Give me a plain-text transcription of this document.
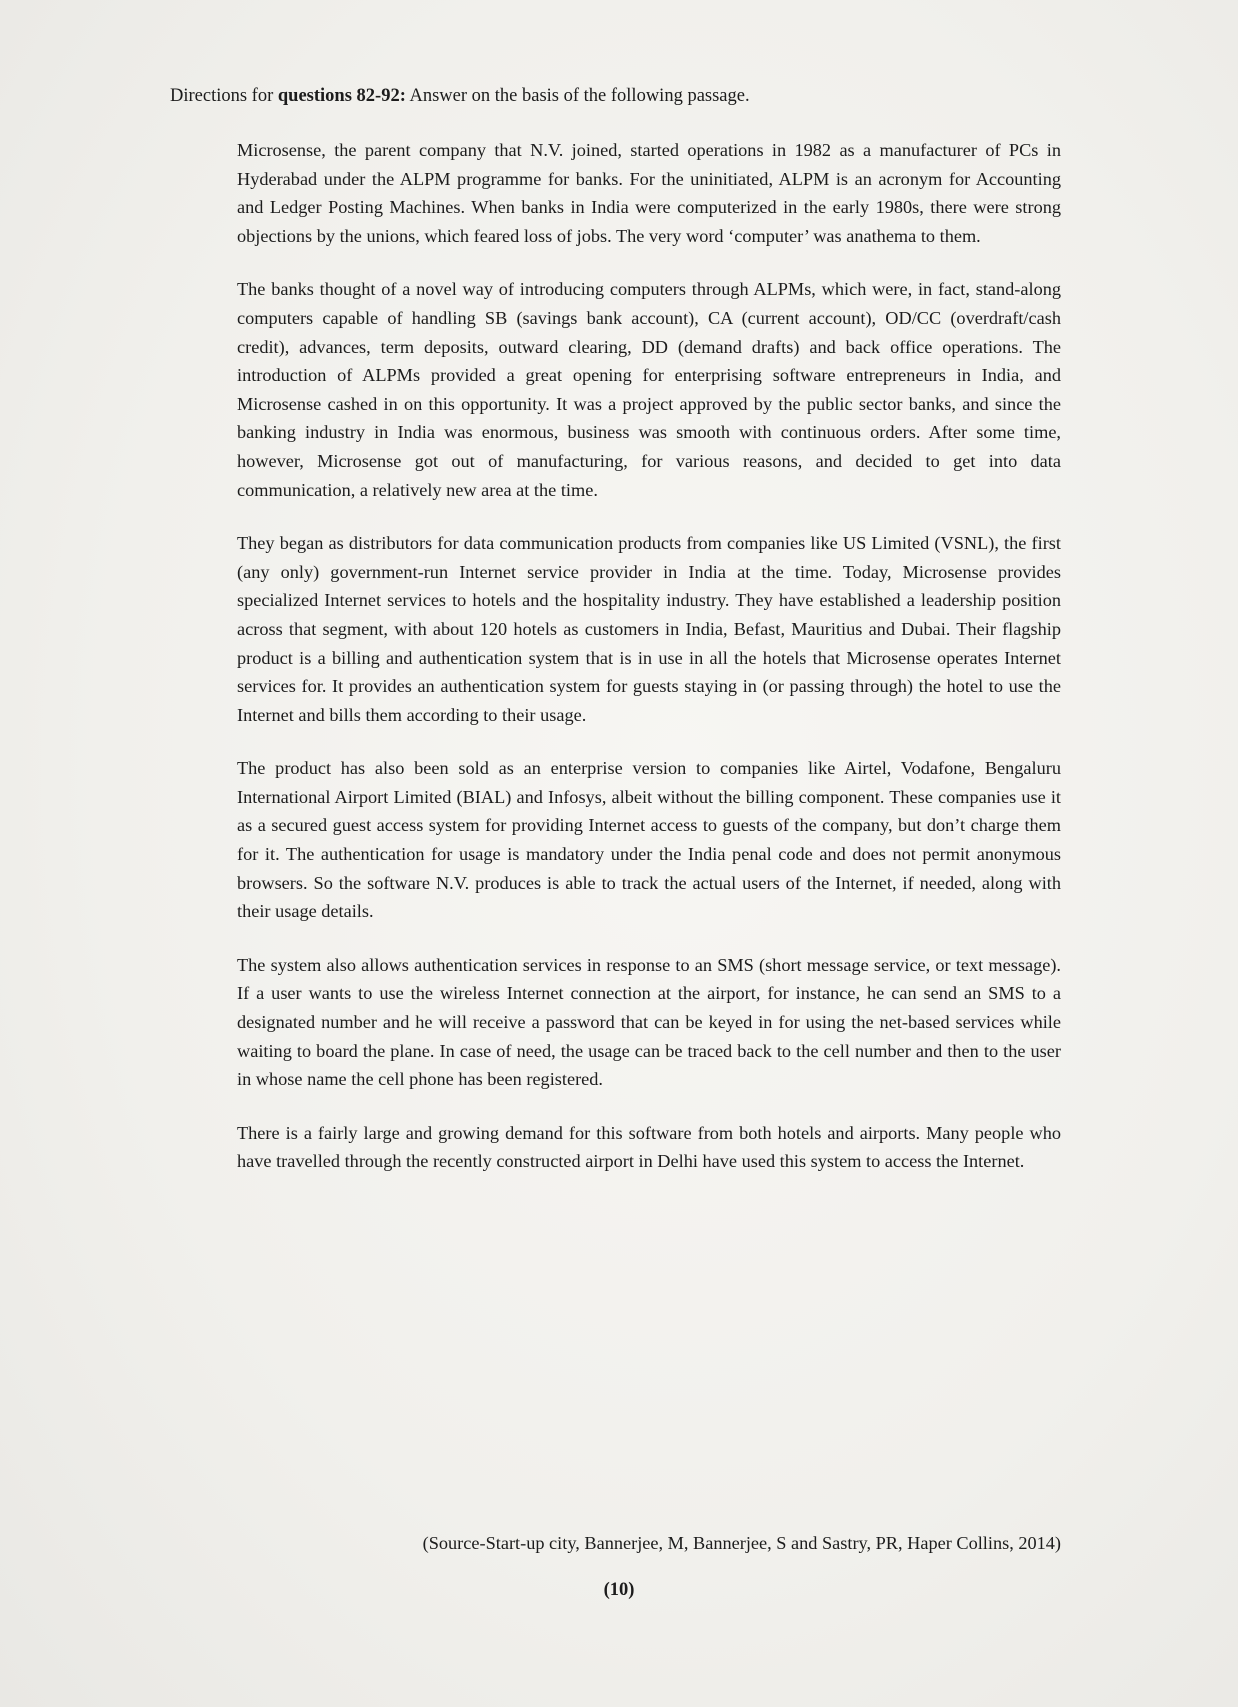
Directions for questions 82-92: Answer on the basis of the following passage.

Microsense, the parent company that N.V. joined, started operations in 1982 as a manufacturer of PCs in Hyderabad under the ALPM programme for banks. For the uninitiated, ALPM is an acronym for Accounting and Ledger Posting Machines. When banks in India were computerized in the early 1980s, there were strong objections by the unions, which feared loss of jobs. The very word ‘computer’ was anathema to them.

The banks thought of a novel way of introducing computers through ALPMs, which were, in fact, stand-along computers capable of handling SB (savings bank account), CA (current account), OD/CC (overdraft/cash credit), advances, term deposits, outward clearing, DD (demand drafts) and back office operations. The introduction of ALPMs provided a great opening for enterprising software entrepreneurs in India, and Microsense cashed in on this opportunity. It was a project approved by the public sector banks, and since the banking industry in India was enormous, business was smooth with continuous orders. After some time, however, Microsense got out of manufacturing, for various reasons, and decided to get into data communication, a relatively new area at the time.

They began as distributors for data communication products from companies like US Limited (VSNL), the first (any only) government-run Internet service provider in India at the time. Today, Microsense provides specialized Internet services to hotels and the hospitality industry. They have established a leadership position across that segment, with about 120 hotels as customers in India, Befast, Mauritius and Dubai. Their flagship product is a billing and authentication system that is in use in all the hotels that Microsense operates Internet services for. It provides an authentication system for guests staying in (or passing through) the hotel to use the Internet and bills them according to their usage.

The product has also been sold as an enterprise version to companies like Airtel, Vodafone, Bengaluru International Airport Limited (BIAL) and Infosys, albeit without the billing component. These companies use it as a secured guest access system for providing Internet access to guests of the company, but don’t charge them for it. The authentication for usage is mandatory under the India penal code and does not permit anonymous browsers. So the software N.V. produces is able to track the actual users of the Internet, if needed, along with their usage details.

The system also allows authentication services in response to an SMS (short message service, or text message). If a user wants to use the wireless Internet connection at the airport, for instance, he can send an SMS to a designated number and he will receive a password that can be keyed in for using the net-based services while waiting to board the plane. In case of need, the usage can be traced back to the cell number and then to the user in whose name the cell phone has been registered.

There is a fairly large and growing demand for this software from both hotels and airports. Many people who have travelled through the recently constructed airport in Delhi have used this system to access the Internet.

(Source-Start-up city, Bannerjee, M, Bannerjee, S and Sastry, PR, Haper Collins, 2014)
(10)
